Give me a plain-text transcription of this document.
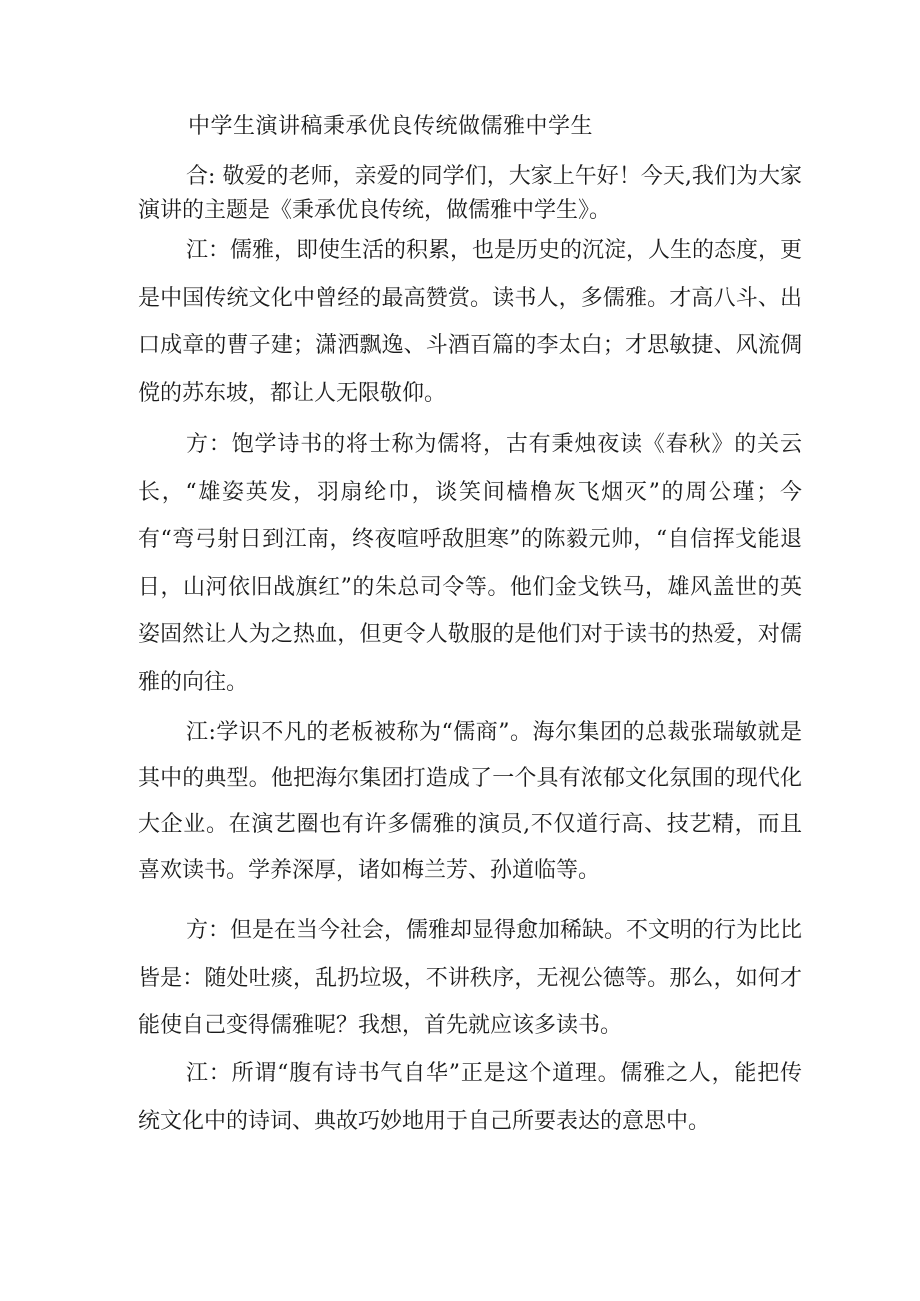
中学生演讲稿秉承优良传统做儒雅中学生

合: 敬爱的老师，亲爱的同学们，大家上午好！今天,我们为大家演讲的主题是《秉承优良传统，做儒雅中学生》。

江：儒雅，即使生活的积累，也是历史的沉淀，人生的态度，更是中国传统文化中曾经的最高赞赏。读书人，多儒雅。才高八斗、出口成章的曹子建；潇洒飘逸、斗酒百篇的李太白；才思敏捷、风流倜傥的苏东坡，都让人无限敬仰。

方：饱学诗书的将士称为儒将，古有秉烛夜读《春秋》的关云长，“雄姿英发，羽扇纶巾，谈笑间樯橹灰飞烟灭”的周公瑾；今有“弯弓射日到江南，终夜喧呼敌胆寒”的陈毅元帅，“自信挥戈能退日，山河依旧战旗红”的朱总司令等。他们金戈铁马，雄风盖世的英姿固然让人为之热血，但更令人敬服的是他们对于读书的热爱，对儒雅的向往。

江:学识不凡的老板被称为“儒商”。海尔集团的总裁张瑞敏就是其中的典型。他把海尔集团打造成了一个具有浓郁文化氛围的现代化大企业。在演艺圈也有许多儒雅的演员,不仅道行高、技艺精，而且喜欢读书。学养深厚，诸如梅兰芳、孙道临等。

方：但是在当今社会，儒雅却显得愈加稀缺。不文明的行为比比皆是：随处吐痰，乱扔垃圾，不讲秩序，无视公德等。那么，如何才能使自己变得儒雅呢？我想，首先就应该多读书。

江：所谓“腹有诗书气自华”正是这个道理。儒雅之人，能把传统文化中的诗词、典故巧妙地用于自己所要表达的意思中。
